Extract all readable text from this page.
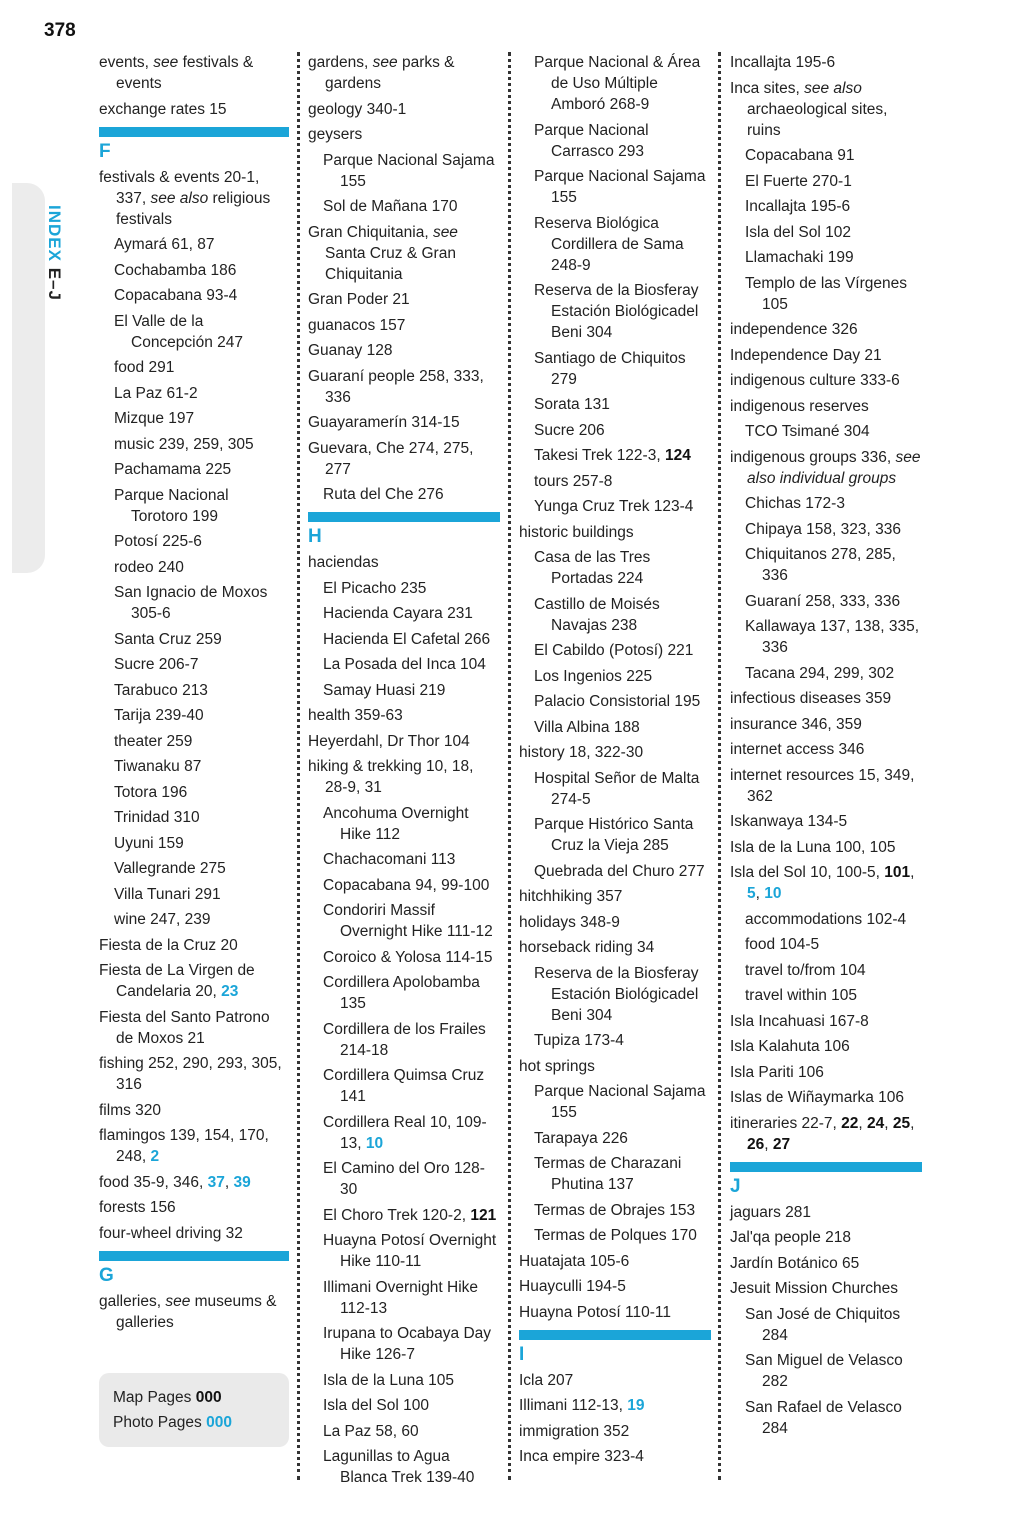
378
INDEX E–J
events, see festivals & events
exchange rates 15
F
festivals & events 20-1, 337, see also religious festivals
Aymará 61, 87
Cochabamba 186
Copacabana 93-4
El Valle de la Concepción 247
food 291
La Paz 61-2
Mizque 197
music 239, 259, 305
Pachamama 225
Parque Nacional Torotoro 199
Potosí 225-6
rodeo 240
San Ignacio de Moxos 305-6
Santa Cruz 259
Sucre 206-7
Tarabuco 213
Tarija 239-40
theater 259
Tiwanaku 87
Totora 196
Trinidad 310
Uyuni 159
Vallegrande 275
Villa Tunari 291
wine 247, 239
Fiesta de la Cruz 20
Fiesta de La Virgen de Candelaria 20, 23
Fiesta del Santo Patrono de Moxos 21
fishing 252, 290, 293, 305, 316
films 320
flamingos 139, 154, 170, 248, 2
food 35-9, 346, 37, 39
forests 156
four-wheel driving 32
G
galleries, see museums & galleries
Map Pages 000
Photo Pages 000
gardens, see parks & gardens
geology 340-1
geysers
Parque Nacional Sajama 155
Sol de Mañana 170
Gran Chiquitania, see Santa Cruz & Gran Chiquitania
Gran Poder 21
guanacos 157
Guanay 128
Guaraní people 258, 333, 336
Guayaramerín 314-15
Guevara, Che 274, 275, 277
Ruta del Che 276
H
haciendas
El Picacho 235
Hacienda Cayara 231
Hacienda El Cafetal 266
La Posada del Inca 104
Samay Huasi 219
health 359-63
Heyerdahl, Dr Thor 104
hiking & trekking 10, 18, 28-9, 31
Ancohuma Overnight Hike 112
Chachacomani 113
Copacabana 94, 99-100
Condoriri Massif Overnight Hike 111-12
Coroico & Yolosa 114-15
Cordillera Apolobamba 135
Cordillera de los Frailes 214-18
Cordillera Quimsa Cruz 141
Cordillera Real 10, 109-13, 10
El Camino del Oro 128-30
El Choro Trek 120-2, 121
Huayna Potosí Overnight Hike 110-11
Illimani Overnight Hike 112-13
Irupana to Ocabaya Day Hike 126-7
Isla de la Luna 105
Isla del Sol 100
La Paz 58, 60
Lagunillas to Agua Blanca Trek 139-40
Parque Nacional & Área de Uso Múltiple Amboró 268-9
Parque Nacional Carrasco 293
Parque Nacional Sajama 155
Reserva Biológica Cordillera de Sama 248-9
Reserva de la Biosferay Estación Biológicadel Beni 304
Santiago de Chiquitos 279
Sorata 131
Sucre 206
Takesi Trek 122-3, 124
tours 257-8
Yunga Cruz Trek 123-4
historic buildings
Casa de las Tres Portadas 224
Castillo de Moisés Navajas 238
El Cabildo (Potosí) 221
Los Ingenios 225
Palacio Consistorial 195
Villa Albina 188
history 18, 322-30
Hospital Señor de Malta 274-5
Parque Histórico Santa Cruz la Vieja 285
Quebrada del Churo 277
hitchhiking 357
holidays 348-9
horseback riding 34
Reserva de la Biosferay Estación Biológicadel Beni 304
Tupiza 173-4
hot springs
Parque Nacional Sajama 155
Tarapaya 226
Termas de Charazani Phutina 137
Termas de Obrajes 153
Termas de Polques 170
Huatajata 105-6
Huayculli 194-5
Huayna Potosí 110-11
I
Icla 207
Illimani 112-13, 19
immigration 352
Inca empire 323-4
Incallajta 195-6
Inca sites, see also archaeological sites, ruins
Copacabana 91
El Fuerte 270-1
Incallajta 195-6
Isla del Sol 102
Llamachaki 199
Templo de las Vírgenes 105
independence 326
Independence Day 21
indigenous culture 333-6
indigenous reserves
TCO Tsimané 304
indigenous groups 336, see also individual groups
Chichas 172-3
Chipaya 158, 323, 336
Chiquitanos 278, 285, 336
Guaraní 258, 333, 336
Kallawaya 137, 138, 335, 336
Tacana 294, 299, 302
infectious diseases 359
insurance 346, 359
internet access 346
internet resources 15, 349, 362
Iskanwaya 134-5
Isla de la Luna 100, 105
Isla del Sol 10, 100-5, 101, 5, 10
accommodations 102-4
food 104-5
travel to/from 104
travel within 105
Isla Incahuasi 167-8
Isla Kalahuta 106
Isla Pariti 106
Islas de Wiñaymarka 106
itineraries 22-7, 22, 24, 25, 26, 27
J
jaguars 281
Jal'qa people 218
Jardín Botánico 65
Jesuit Mission Churches
San José de Chiquitos 284
San Miguel de Velasco 282
San Rafael de Velasco 284
